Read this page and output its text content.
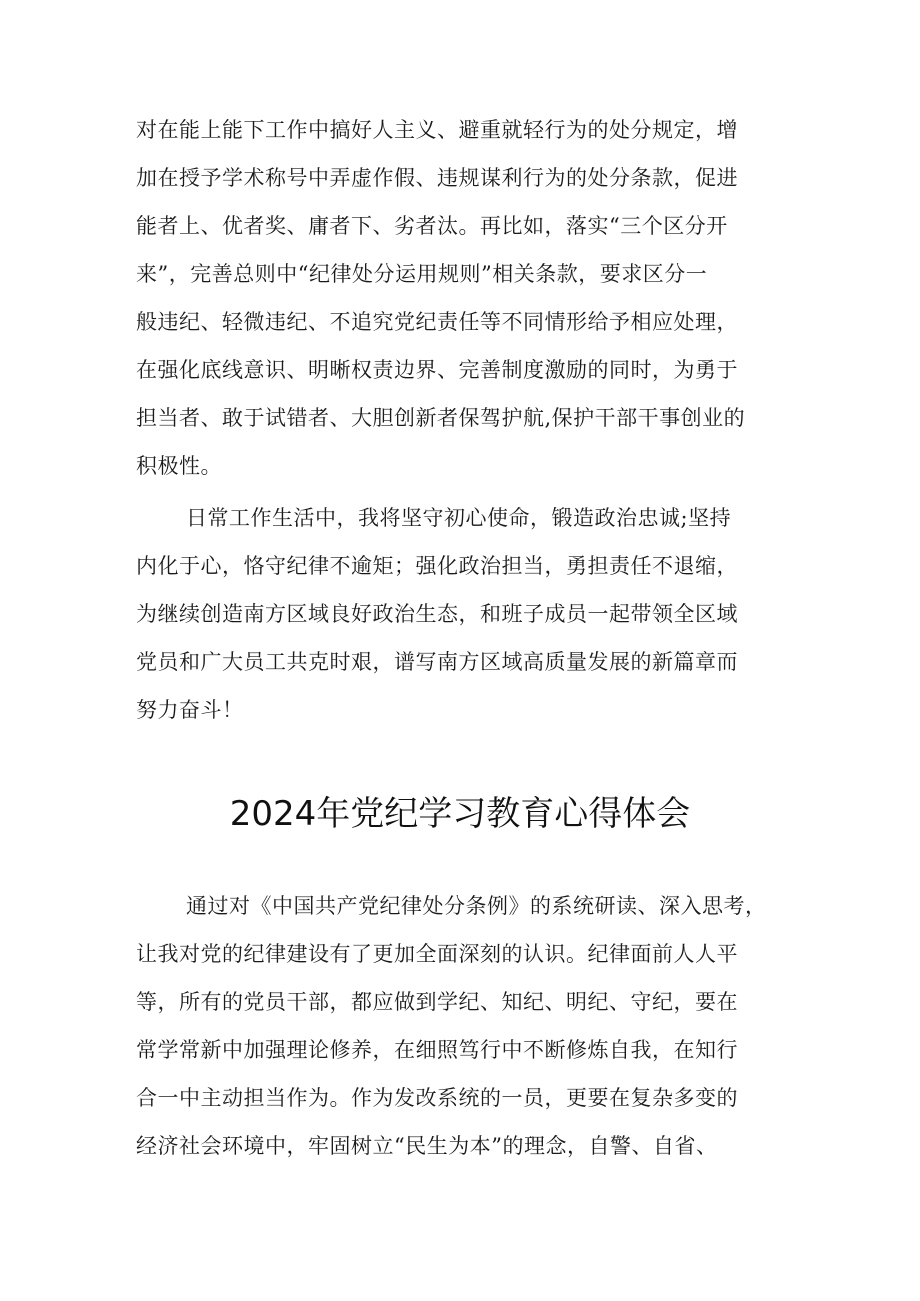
对在能上能下工作中搞好人主义、避重就轻行为的处分规定，增
加在授予学术称号中弄虚作假、违规谋利行为的处分条款，促进
能者上、优者奖、庸者下、劣者汰。再比如，落实“三个区分开
来”，完善总则中“纪律处分运用规则”相关条款，要求区分一
般违纪、轻微违纪、不追究党纪责任等不同情形给予相应处理，
在强化底线意识、明晰权责边界、完善制度激励的同时，为勇于
担当者、敢于试错者、大胆创新者保驾护航,保护干部干事创业的
积极性。
日常工作生活中，我将坚守初心使命，锻造政治忠诚;坚持
内化于心，恪守纪律不逾矩；强化政治担当，勇担责任不退缩，
为继续创造南方区域良好政治生态，和班子成员一起带领全区域
党员和广大员工共克时艰，谱写南方区域高质量发展的新篇章而
努力奋斗！
2024年党纪学习教育心得体会
通过对《中国共产党纪律处分条例》的系统研读、深入思考，
让我对党的纪律建设有了更加全面深刻的认识。纪律面前人人平
等，所有的党员干部，都应做到学纪、知纪、明纪、守纪，要在
常学常新中加强理论修养，在细照笃行中不断修炼自我，在知行
合一中主动担当作为。作为发改系统的一员，更要在复杂多变的
经济社会环境中，牢固树立“民生为本”的理念，自警、自省、
